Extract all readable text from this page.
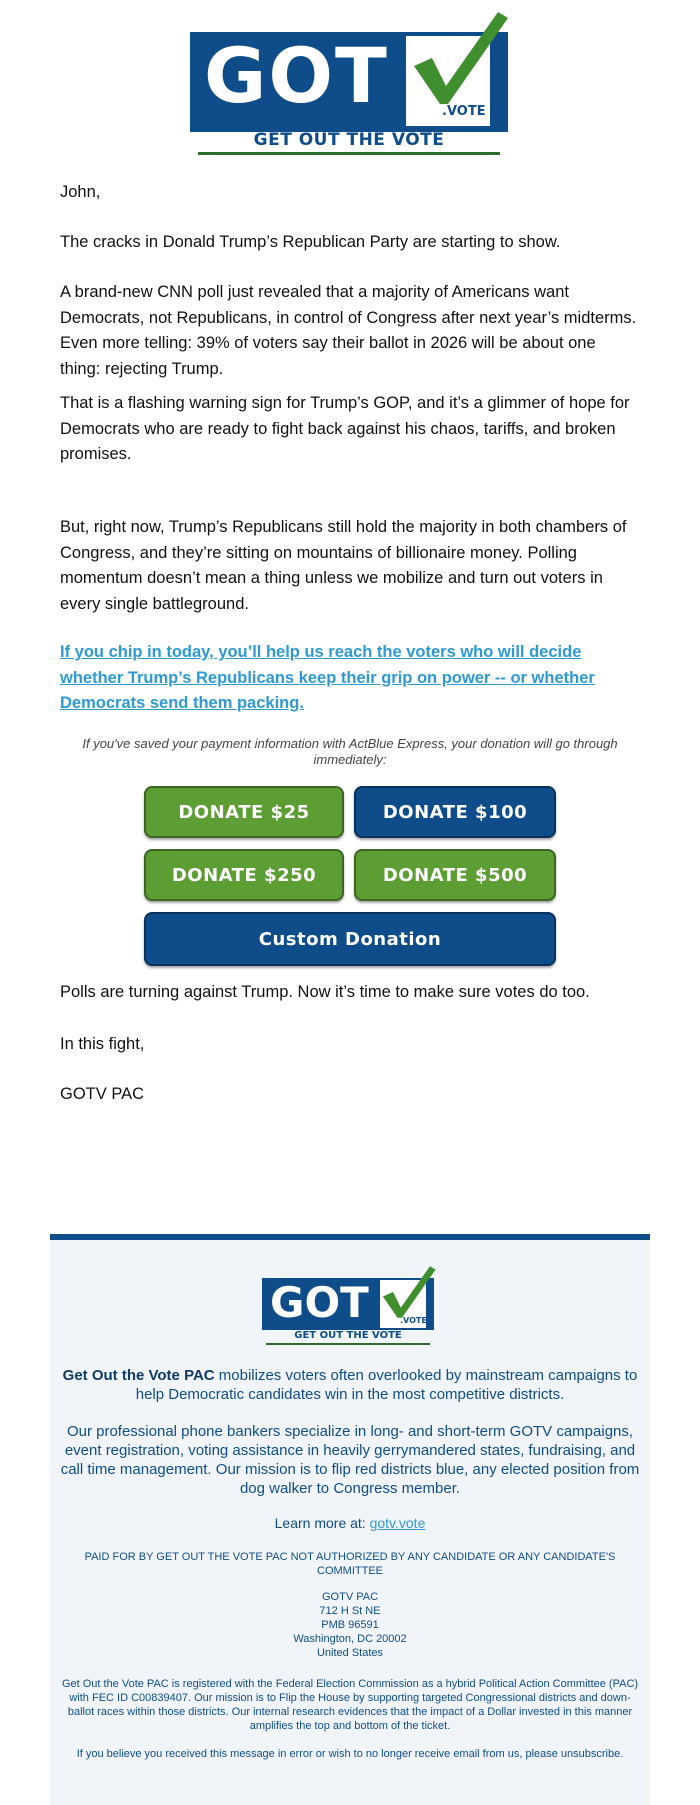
GOT	.VOTE
GET OUT THE VOTE
John,
The cracks in Donald Trump’s Republican Party are starting to show.
A brand-new CNN poll just revealed that a majority of Americans want Democrats, not Republicans, in control of Congress after next year’s midterms. Even more telling: 39% of voters say their ballot in 2026 will be about one thing: rejecting Trump.
That is a flashing warning sign for Trump’s GOP, and it’s a glimmer of hope for Democrats who are ready to fight back against his chaos, tariffs, and broken promises.
But, right now, Trump’s Republicans still hold the majority in both chambers of Congress, and they’re sitting on mountains of billionaire money. Polling momentum doesn’t mean a thing unless we mobilize and turn out voters in every single battleground.
If you chip in today, you’ll help us reach the voters who will decide whether Trump’s Republicans keep their grip on power -- or whether Democrats send them packing.
If you've saved your payment information with ActBlue Express, your donation will go through immediately:
DONATE $25	DONATE $100
DONATE $250	DONATE $500
Custom Donation
Polls are turning against Trump. Now it’s time to make sure votes do too.
In this fight,
GOTV PAC
GOT	.VOTE
GET OUT THE VOTE
Get Out the Vote PAC mobilizes voters often overlooked by mainstream campaigns to help Democratic candidates win in the most competitive districts.
Our professional phone bankers specialize in long- and short-term GOTV campaigns, event registration, voting assistance in heavily gerrymandered states, fundraising, and call time management. Our mission is to flip red districts blue, any elected position from dog walker to Congress member.
Learn more at: gotv.vote
PAID FOR BY GET OUT THE VOTE PAC NOT AUTHORIZED BY ANY CANDIDATE OR ANY CANDIDATE'S COMMITTEE
GOTV PAC
712 H St NE
PMB 96591
Washington, DC 20002
United States
Get Out the Vote PAC is registered with the Federal Election Commission as a hybrid Political Action Committee (PAC) with FEC ID C00839407. Our mission is to Flip the House by supporting targeted Congressional districts and down-ballot races within those districts. Our internal research evidences that the impact of a Dollar invested in this manner amplifies the top and bottom of the ticket.
If you believe you received this message in error or wish to no longer receive email from us, please unsubscribe.
